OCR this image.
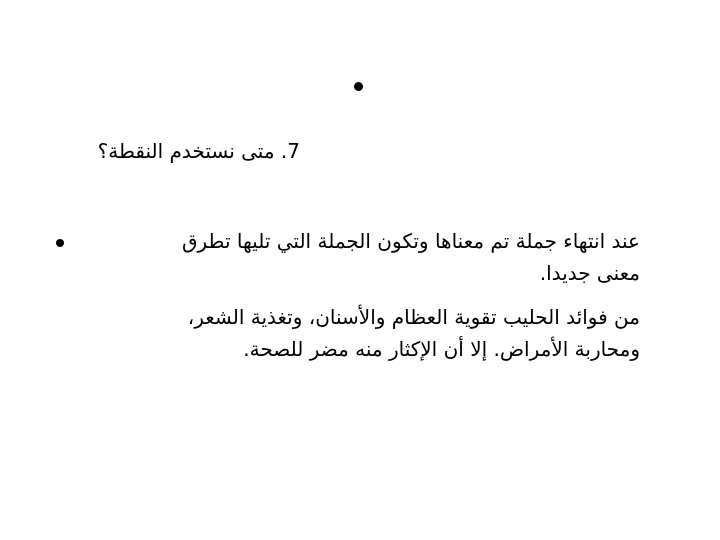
7. متى نستخدم النقطة؟
عند انتهاء جملة تم معناها وتكون الجملة التي تليها تطرق
معنى جديدا.
من فوائد الحليب تقوية العظام والأسنان، وتغذية الشعر،
ومحاربة الأمراض. إلا أن الإكثار منه مضر للصحة.
